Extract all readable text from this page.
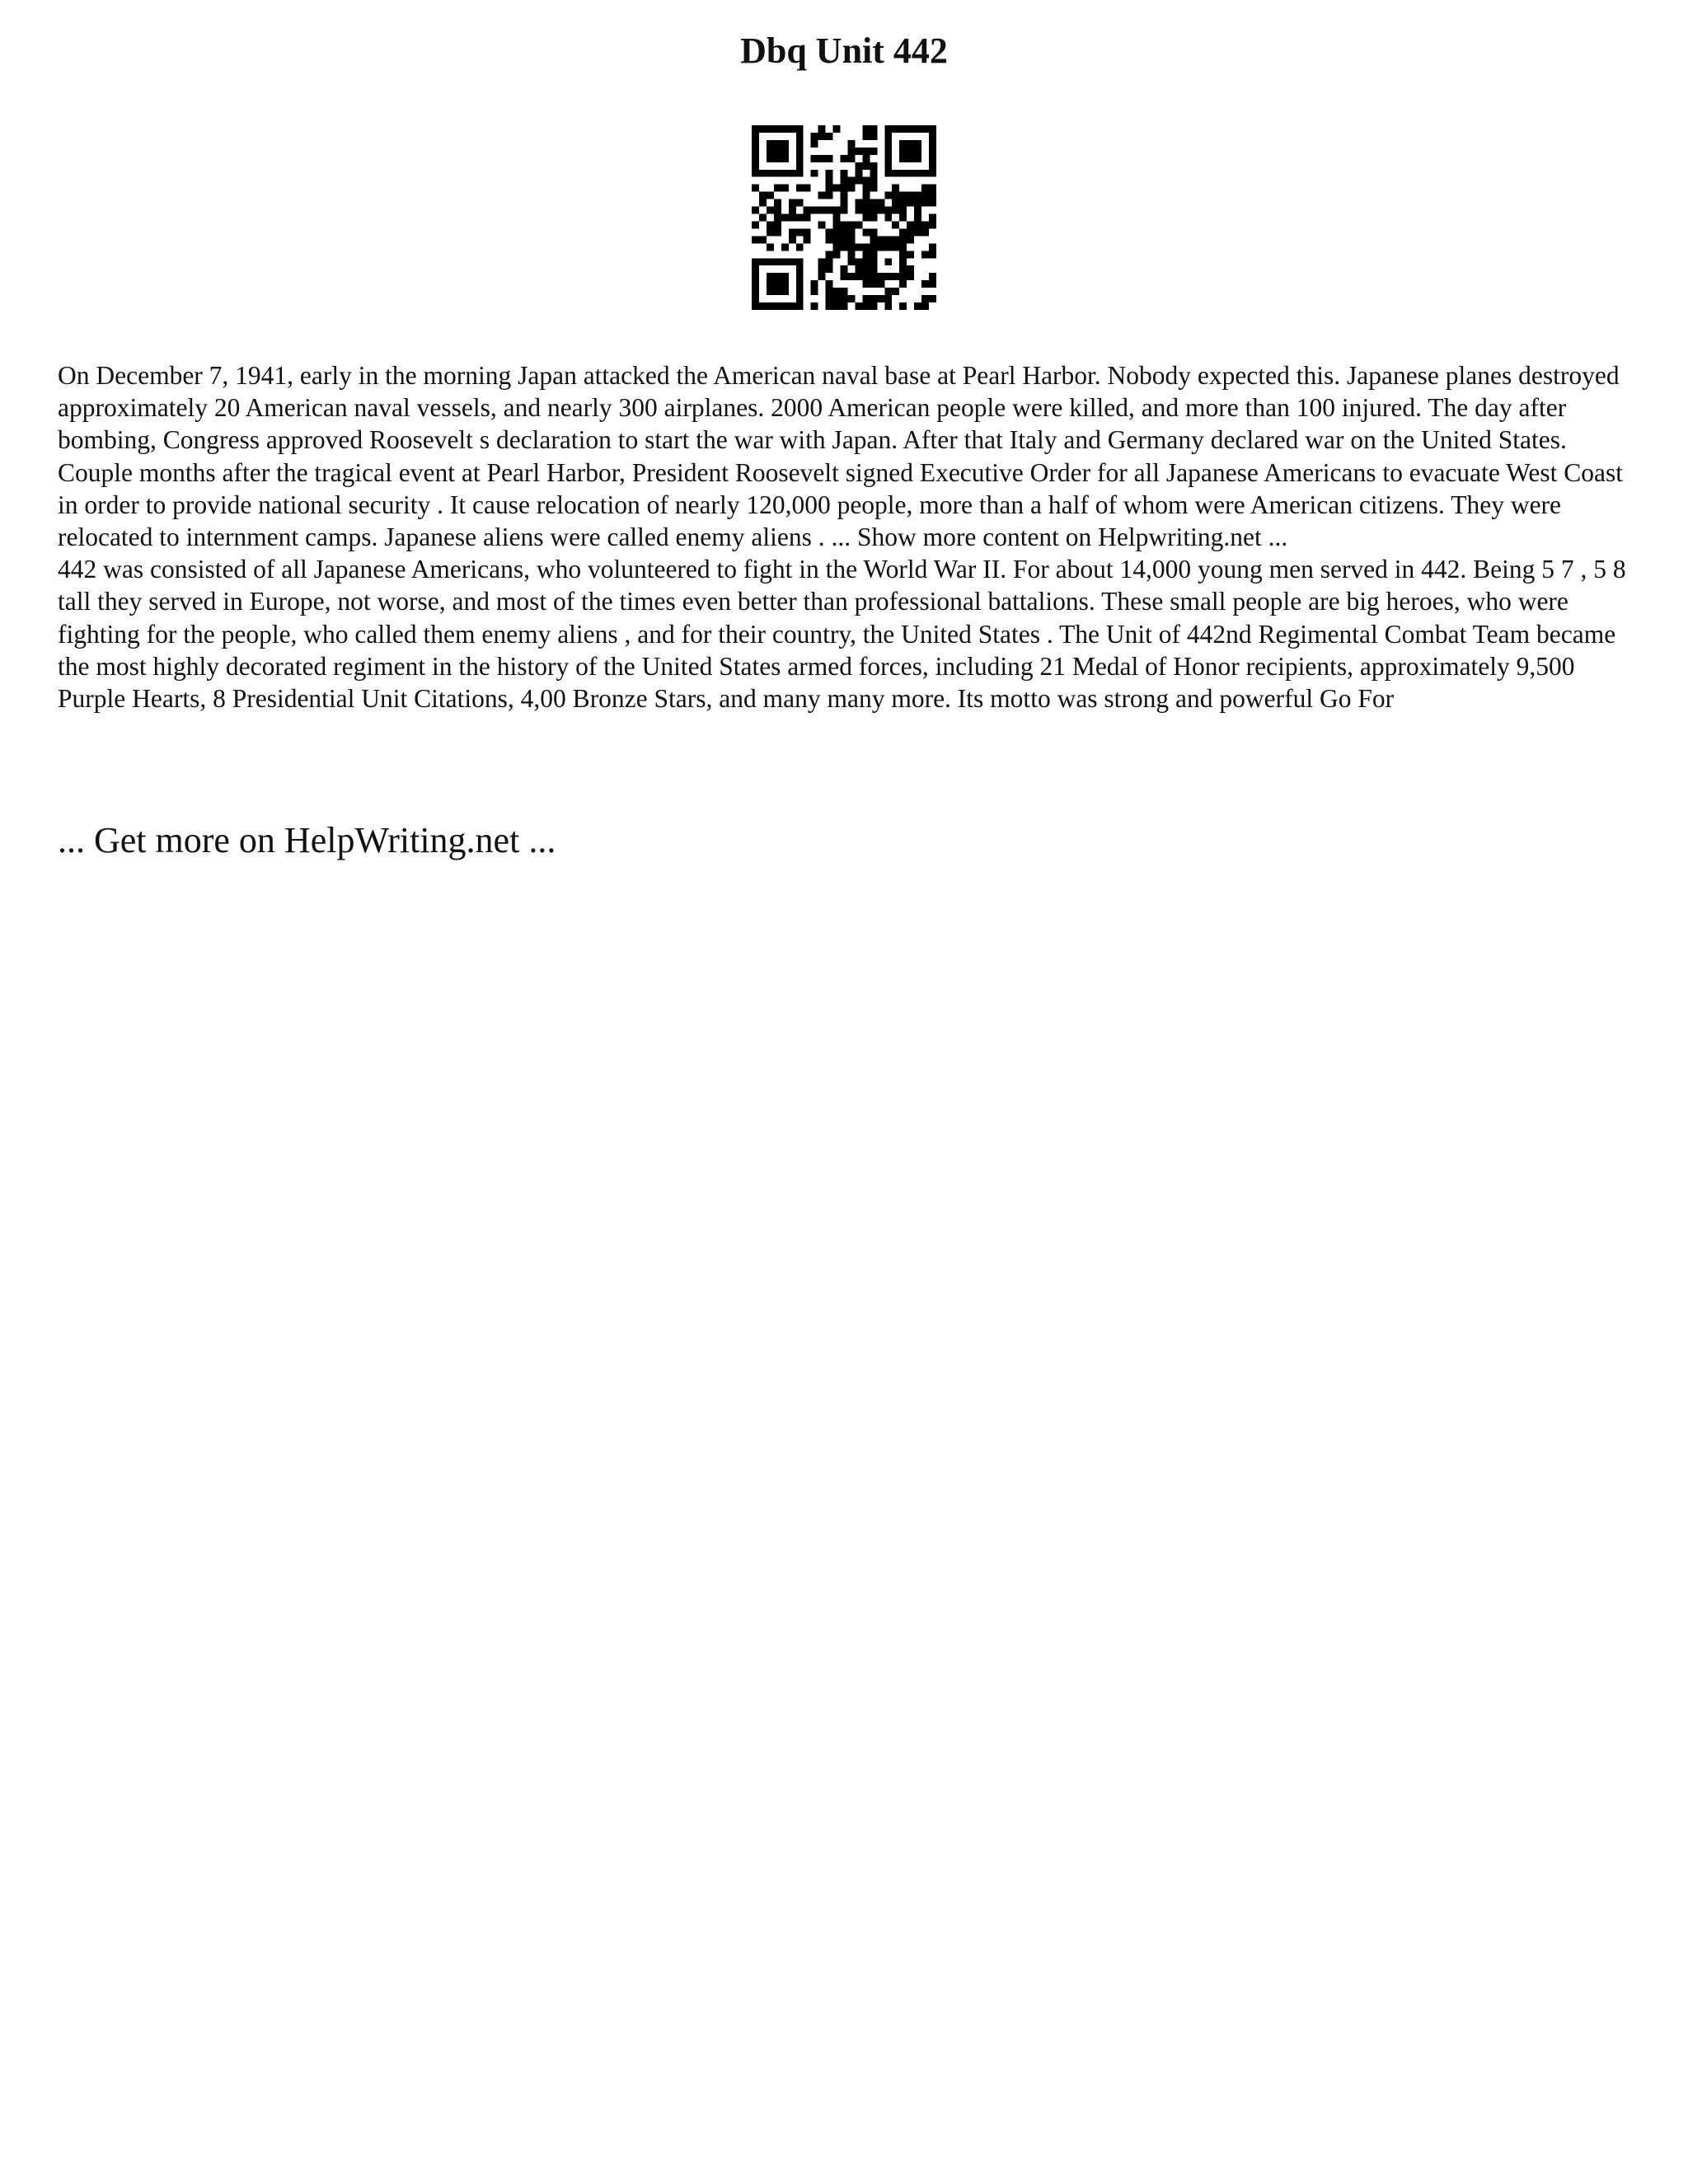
Dbq Unit 442

On December 7, 1941, early in the morning Japan attacked the American naval base at Pearl Harbor. Nobody expected this. Japanese planes destroyed approximately 20 American naval vessels, and nearly 300 airplanes. 2000 American people were killed, and more than 100 injured. The day after bombing, Congress approved Roosevelt s declaration to start the war with Japan. After that Italy and Germany declared war on the United States. Couple months after the tragical event at Pearl Harbor, President Roosevelt signed Executive Order for all Japanese Americans to evacuate West Coast in order to provide national security . It cause relocation of nearly 120,000 people, more than a half of whom were American citizens. They were relocated to internment camps. Japanese aliens were called enemy aliens . ... Show more content on Helpwriting.net ...

442 was consisted of all Japanese Americans, who volunteered to fight in the World War II. For about 14,000 young men served in 442. Being 5 7 , 5 8 tall they served in Europe, not worse, and most of the times even better than professional battalions. These small people are big heroes, who were fighting for the people, who called them enemy aliens , and for their country, the United States . The Unit of 442nd Regimental Combat Team became the most highly decorated regiment in the history of the United States armed forces, including 21 Medal of Honor recipients, approximately 9,500 Purple Hearts, 8 Presidential Unit Citations, 4,00 Bronze Stars, and many many more. Its motto was strong and powerful Go For

... Get more on HelpWriting.net ...
